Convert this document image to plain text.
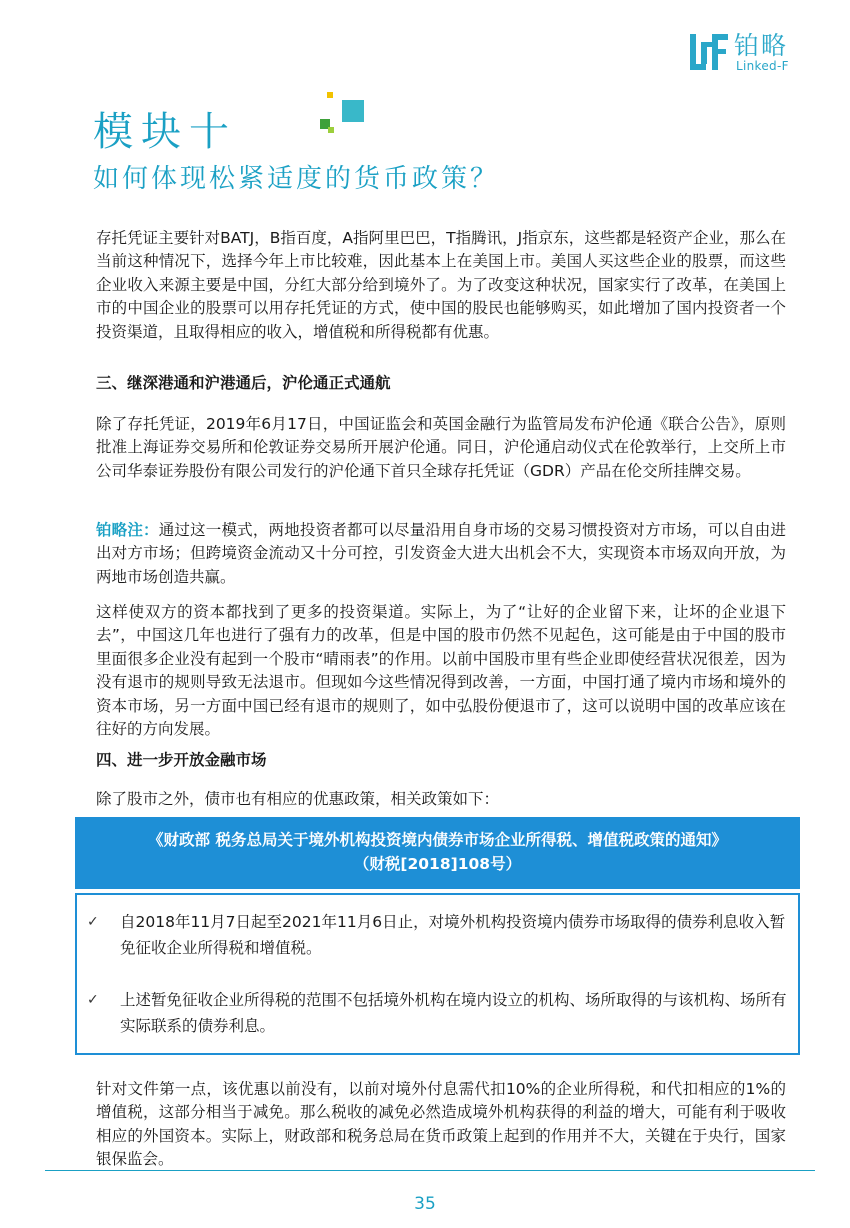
铂略
Linked-F
模块十
如何体现松紧适度的货币政策？

存托凭证主要针对BATJ，B指百度，A指阿里巴巴，T指腾讯，J指京东，这些都是轻资产企业，那么在当前这种情况下，选择今年上市比较难，因此基本上在美国上市。美国人买这些企业的股票，而这些企业收入来源主要是中国，分红大部分给到境外了。为了改变这种状况，国家实行了改革，在美国上市的中国企业的股票可以用存托凭证的方式，使中国的股民也能够购买，如此增加了国内投资者一个投资渠道，且取得相应的收入，增值税和所得税都有优惠。

三、继深港通和沪港通后，沪伦通正式通航

除了存托凭证，2019年6月17日，中国证监会和英国金融行为监管局发布沪伦通《联合公告》，原则批准上海证券交易所和伦敦证券交易所开展沪伦通。同日，沪伦通启动仪式在伦敦举行，上交所上市公司华泰证券股份有限公司发行的沪伦通下首只全球存托凭证（GDR）产品在伦交所挂牌交易。

铂略注：通过这一模式，两地投资者都可以尽量沿用自身市场的交易习惯投资对方市场，可以自由进出对方市场；但跨境资金流动又十分可控，引发资金大进大出机会不大，实现资本市场双向开放，为两地市场创造共赢。

这样使双方的资本都找到了更多的投资渠道。实际上，为了“让好的企业留下来，让坏的企业退下去”，中国这几年也进行了强有力的改革，但是中国的股市仍然不见起色，这可能是由于中国的股市里面很多企业没有起到一个股市“晴雨表”的作用。以前中国股市里有些企业即使经营状况很差，因为没有退市的规则导致无法退市。但现如今这些情况得到改善，一方面，中国打通了境内市场和境外的资本市场，另一方面中国已经有退市的规则了，如中弘股份便退市了，这可以说明中国的改革应该在往好的方向发展。

四、进一步开放金融市场

除了股市之外，债市也有相应的优惠政策，相关政策如下：

《财政部 税务总局关于境外机构投资境内债券市场企业所得税、增值税政策的通知》
（财税[2018]108号）
✓	自2018年11月7日起至2021年11月6日止，对境外机构投资境内债券市场取得的债券利息收入暂免征收企业所得税和增值税。
✓	上述暂免征收企业所得税的范围不包括境外机构在境内设立的机构、场所取得的与该机构、场所有实际联系的债券利息。

针对文件第一点，该优惠以前没有，以前对境外付息需代扣10%的企业所得税，和代扣相应的1%的增值税，这部分相当于减免。那么税收的减免必然造成境外机构获得的利益的增大，可能有利于吸收相应的外国资本。实际上，财政部和税务总局在货币政策上起到的作用并不大，关键在于央行，国家银保监会。

35
